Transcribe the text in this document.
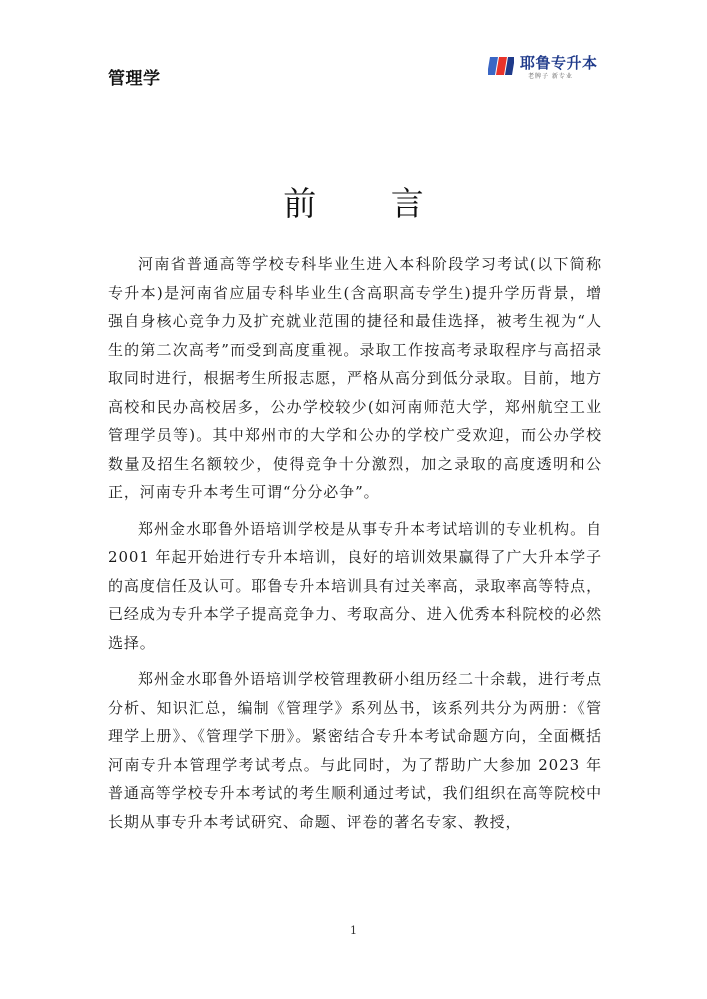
管理学
耶鲁专升本
老牌子 新专业
前 言

河南省普通高等学校专科毕业生进入本科阶段学习考试(以下简称专升本)是河南省应届专科毕业生(含高职高专学生)提升学历背景，增强自身核心竞争力及扩充就业范围的捷径和最佳选择，被考生视为“人生的第二次高考”而受到高度重视。录取工作按高考录取程序与高招录取同时进行，根据考生所报志愿，严格从高分到低分录取。目前，地方高校和民办高校居多，公办学校较少(如河南师范大学，郑州航空工业管理学员等)。其中郑州市的大学和公办的学校广受欢迎，而公办学校数量及招生名额较少，使得竞争十分激烈，加之录取的高度透明和公正，河南专升本考生可谓“分分必争”。

郑州金水耶鲁外语培训学校是从事专升本考试培训的专业机构。自 2001 年起开始进行专升本培训，良好的培训效果赢得了广大升本学子的高度信任及认可。耶鲁专升本培训具有过关率高，录取率高等特点，已经成为专升本学子提高竞争力、考取高分、进入优秀本科院校的必然选择。

郑州金水耶鲁外语培训学校管理教研小组历经二十余载，进行考点分析、知识汇总，编制《管理学》系列丛书，该系列共分为两册：《管理学上册》、《管理学下册》。紧密结合专升本考试命题方向，全面概括河南专升本管理学考试考点。与此同时，为了帮助广大参加 2023 年普通高等学校专升本考试的考生顺利通过考试，我们组织在高等院校中长期从事专升本考试研究、命题、评卷的著名专家、教授，

1
